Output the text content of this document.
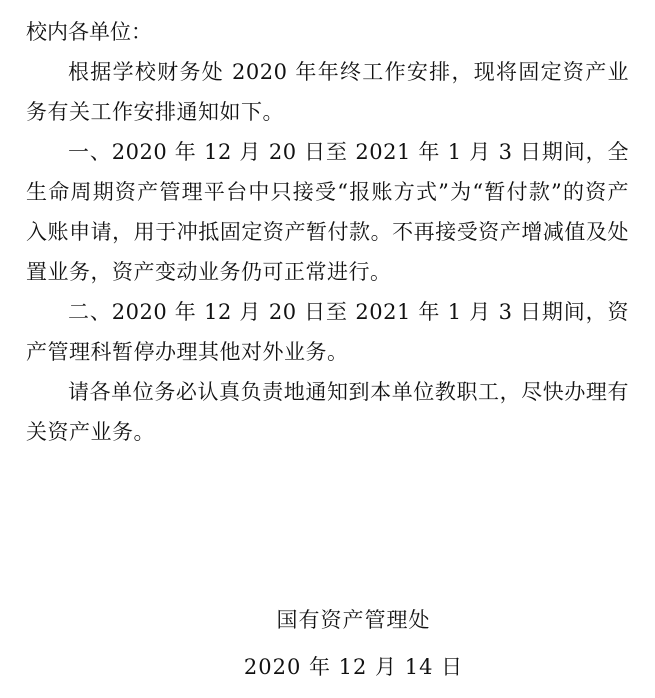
校内各单位：

根据学校财务处 2020 年年终工作安排，现将固定资产业务有关工作安排通知如下。

一、2020 年 12 月 20 日至 2021 年 1 月 3 日期间，全生命周期资产管理平台中只接受“报账方式”为“暂付款”的资产入账申请，用于冲抵固定资产暂付款。不再接受资产增减值及处置业务，资产变动业务仍可正常进行。

二、2020 年 12 月 20 日至 2021 年 1 月 3 日期间，资产管理科暂停办理其他对外业务。

请各单位务必认真负责地通知到本单位教职工，尽快办理有关资产业务。

国有资产管理处
2020 年 12 月 14 日
